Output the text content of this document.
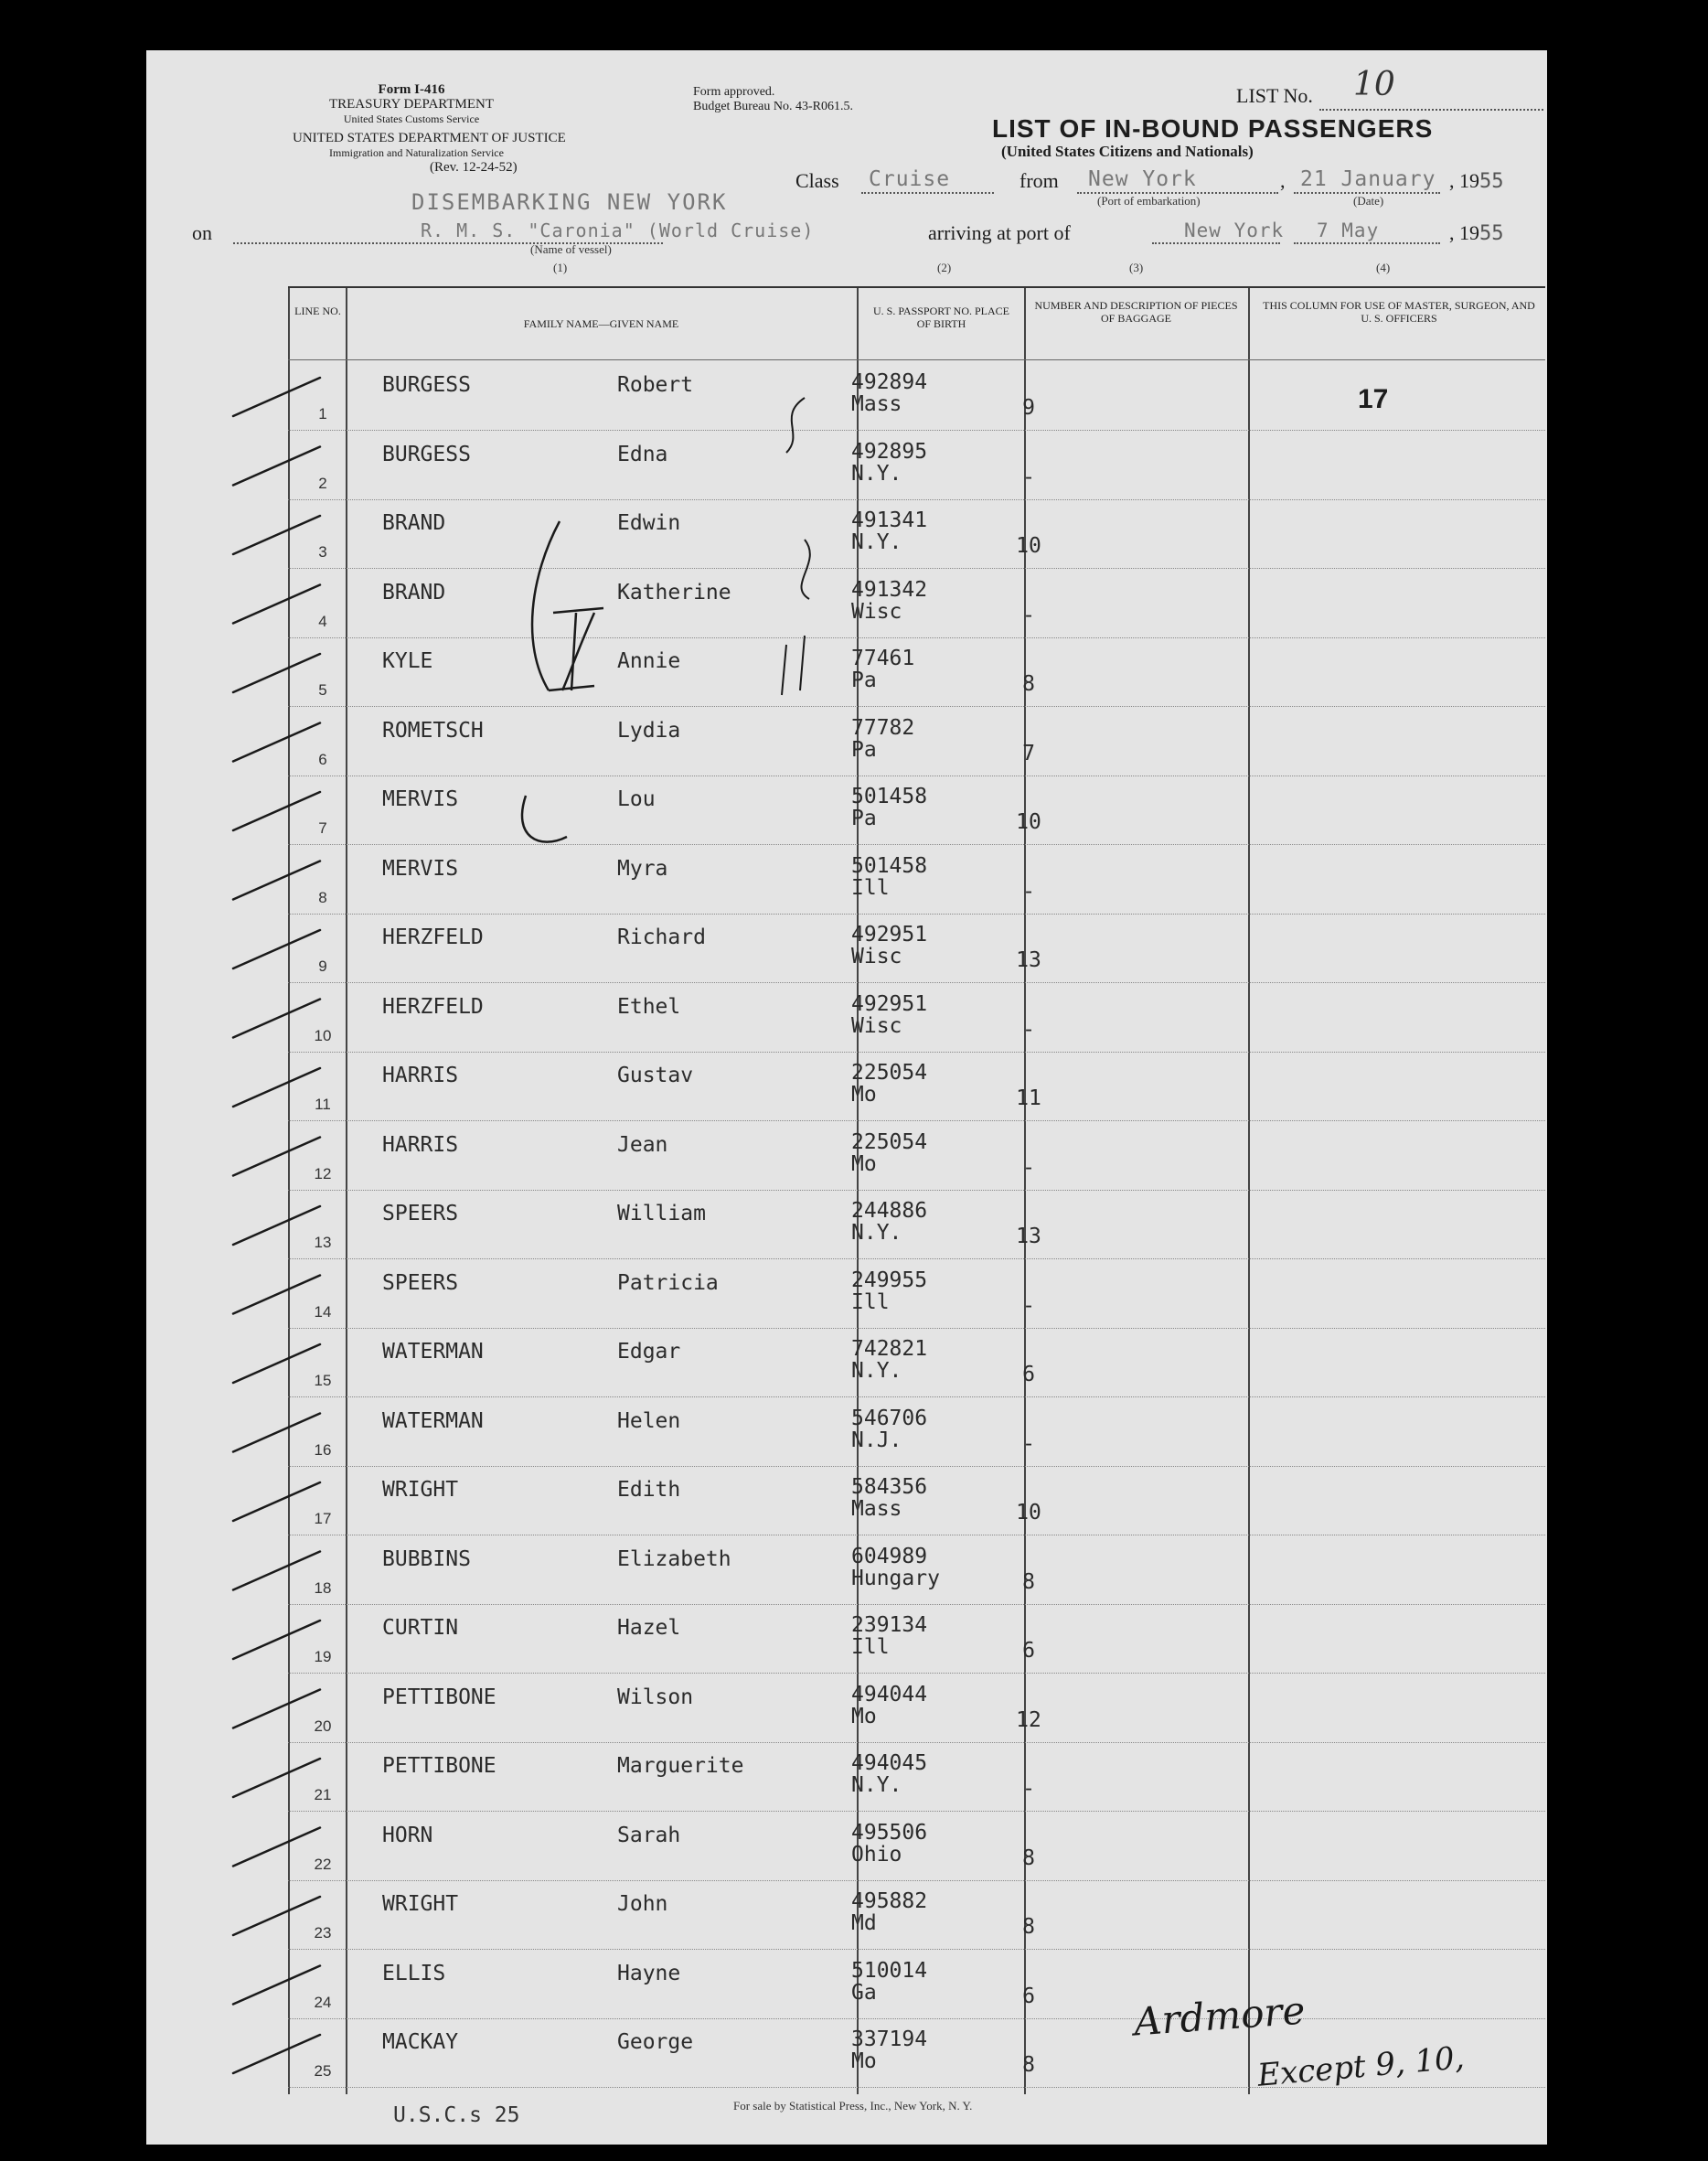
Form I-416
TREASURY DEPARTMENT
United States Customs Service
UNITED STATES DEPARTMENT OF JUSTICE
Immigration and Naturalization Service
(Rev. 12-24-52)
Form approved.
Budget Bureau No. 43-R061.5.	LIST No. 10
LIST OF IN-BOUND PASSENGERS
(United States Citizens and Nationals)
Class Cruise	from New York
(Port of embarkation)
, 21 January
(Date)
, 1955
DISEMBARKING NEW YORK
on	R. M. S. "Caronia" (World Cruise)
(Name of vessel)
arriving at port of	New York 7 May	, 1955
(1)	(2)	(3)	(4)
LINE NO.
FAMILY NAME—GIVEN NAME
U. S. PASSPORT NO. PLACE OF BIRTH
NUMBER AND DESCRIPTION OF PIECES OF BAGGAGE
THIS COLUMN FOR USE OF MASTER, SURGEON, AND U. S. OFFICERS
1
BURGESS	Robert	492894
Mass	9
2
BURGESS	Edna	492895
N.Y.	-
3
BRAND	Edwin	491341
N.Y.	10
4
BRAND	Katherine	491342
Wisc	-
5
KYLE	Annie	77461
Pa	8
6
ROMETSCH	Lydia	77782
Pa	7
7
MERVIS	Lou	501458
Pa	10
8
MERVIS	Myra	501458
Ill	-
9
HERZFELD	Richard	492951
Wisc	13
10
HERZFELD	Ethel	492951
Wisc	-
11
HARRIS	Gustav	225054
Mo	11
12
HARRIS	Jean	225054
Mo	-
13
SPEERS	William	244886
N.Y.	13
14
SPEERS	Patricia	249955
Ill	-
15
WATERMAN	Edgar	742821
N.Y.	6
16
WATERMAN	Helen	546706
N.J.	-
17
WRIGHT	Edith	584356
Mass	10
18
BUBBINS	Elizabeth	604989
Hungary	8
19
CURTIN	Hazel	239134
Ill	6
20
PETTIBONE	Wilson	494044
Mo	12
21
PETTIBONE	Marguerite	494045
N.Y.	-
22
HORN	Sarah	495506
Ohio	8
23
WRIGHT	John	495882
Md	8
24
ELLIS	Hayne	510014
Ga	6
25
MACKAY	George	337194
Mo	8
17
Ardmore
Except 9, 10,
U.S.C.s 25	For sale by Statistical Press, Inc., New York, N. Y.
